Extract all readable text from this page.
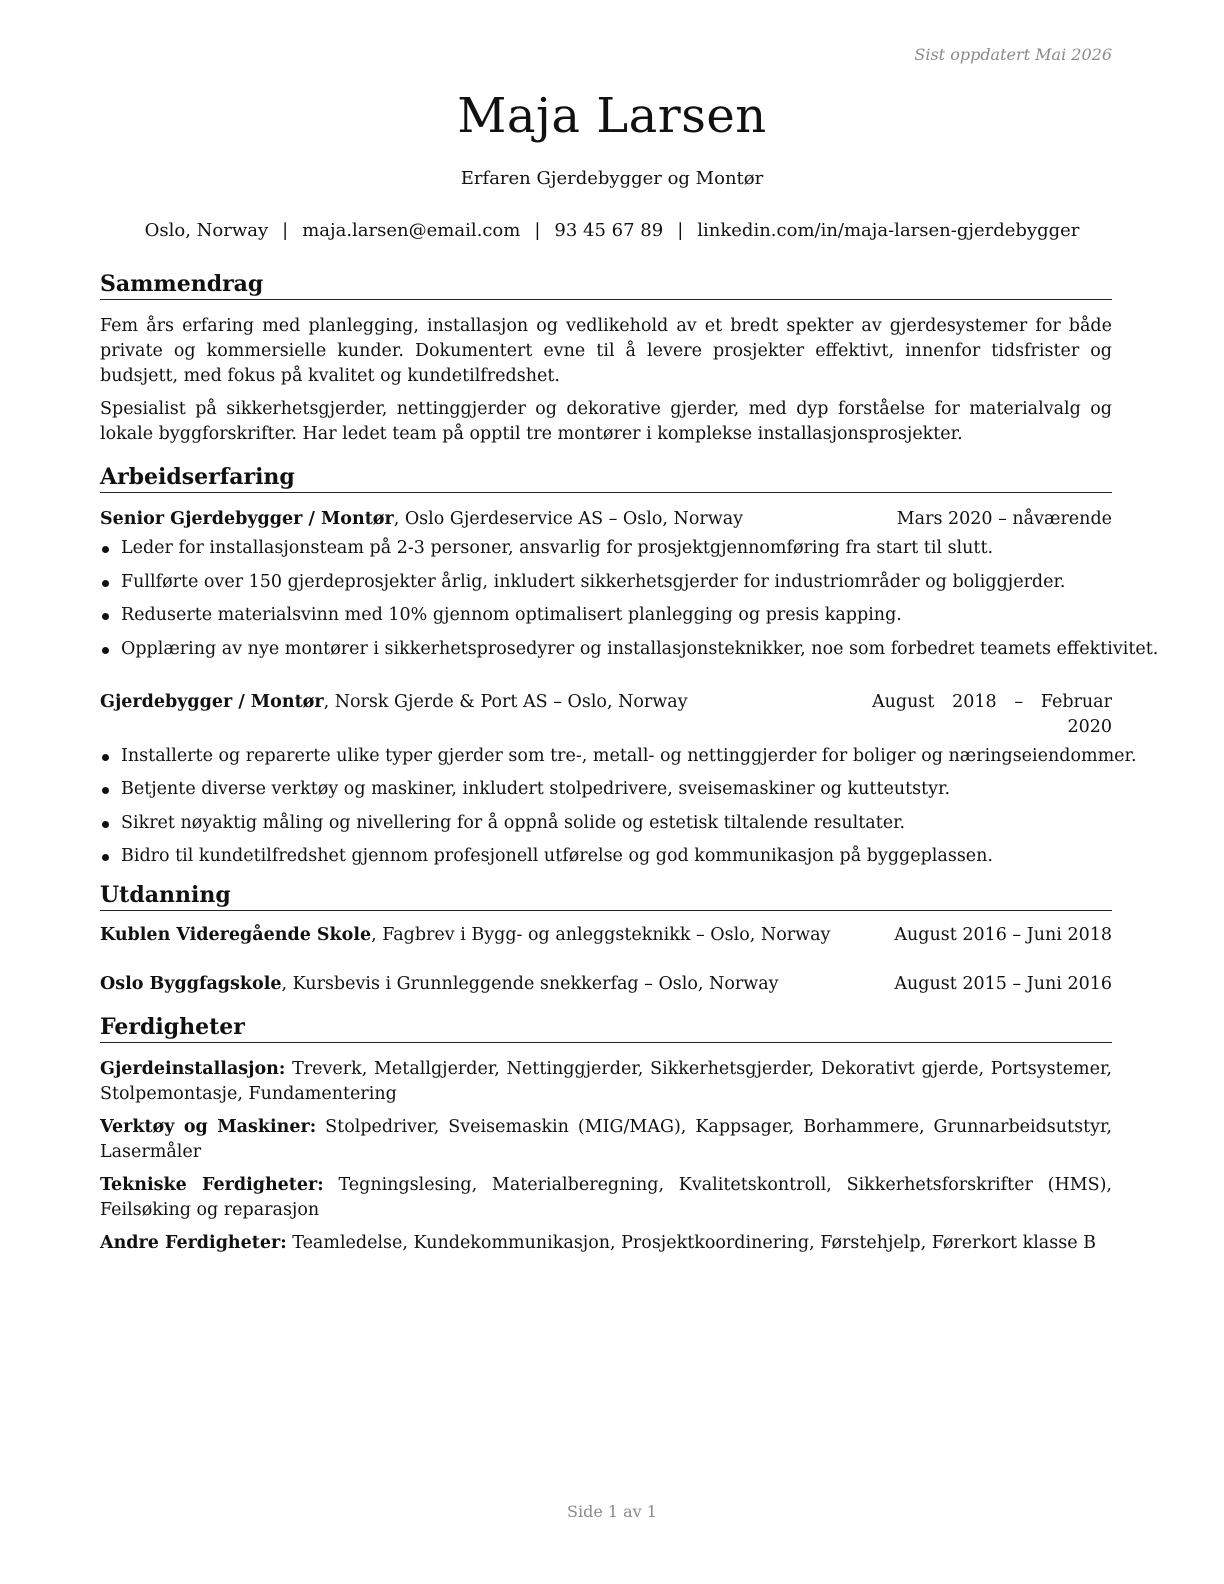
Sist oppdatert Mai 2026
Maja Larsen
Erfaren Gjerdebygger og Montør
Oslo, Norway | maja.larsen@email.com | 93 45 67 89 | linkedin.com/in/maja-larsen-gjerdebygger
Sammendrag

Fem års erfaring med planlegging, installasjon og vedlikehold av et bredt spekter av gjerdesystemer for både private og kommersielle kunder. Dokumentert evne til å levere prosjekter effektivt, innenfor tidsfrister og budsjett, med fokus på kvalitet og kundetilfredshet.

Spesialist på sikkerhetsgjerder, nettinggjerder og dekorative gjerder, med dyp forståelse for materialvalg og lokale byggforskrifter. Har ledet team på opptil tre montører i komplekse installasjonsprosjekter.

Arbeidserfaring
Senior Gjerdebygger / Montør, Oslo Gjerdeservice AS – Oslo, Norway	Mars 2020 – nåværende
Leder for installasjonsteam på 2-3 personer, ansvarlig for prosjektgjennomføring fra start til slutt.
Fullførte over 150 gjerdeprosjekter årlig, inkludert sikkerhetsgjerder for industriområder og boliggjerder.
Reduserte materialsvinn med 10% gjennom optimalisert planlegging og presis kapping.
Opplæring av nye montører i sikkerhetsprosedyrer og installasjonsteknikker, noe som forbedret teamets effektivitet.
Gjerdebygger / Montør, Norsk Gjerde & Port AS – Oslo, Norway	August 2018 – Februar 2020
Installerte og reparerte ulike typer gjerder som tre-, metall- og nettinggjerder for boliger og næringseiendommer.
Betjente diverse verktøy og maskiner, inkludert stolpedrivere, sveisemaskiner og kutteutstyr.
Sikret nøyaktig måling og nivellering for å oppnå solide og estetisk tiltalende resultater.
Bidro til kundetilfredshet gjennom profesjonell utførelse og god kommunikasjon på byggeplassen.
Utdanning
Kublen Videregående Skole, Fagbrev i Bygg- og anleggsteknikk – Oslo, Norway	August 2016 – Juni 2018
Oslo Byggfagskole, Kursbevis i Grunnleggende snekkerfag – Oslo, Norway	August 2015 – Juni 2016
Ferdigheter

Gjerdeinstallasjon: Treverk, Metallgjerder, Nettinggjerder, Sikkerhetsgjerder, Dekorativt gjerde, Portsystemer, Stolpemontasje, Fundamentering

Verktøy og Maskiner: Stolpedriver, Sveisemaskin (MIG/MAG), Kappsager, Borhammere, Grunnarbeidsutstyr, Lasermåler

Tekniske Ferdigheter: Tegningslesing, Materialberegning, Kvalitetskontroll, Sikkerhetsforskrifter (HMS), Feilsøking og reparasjon

Andre Ferdigheter: Teamledelse, Kundekommunikasjon, Prosjektkoordinering, Førstehjelp, Førerkort klasse B

Side 1 av 1
